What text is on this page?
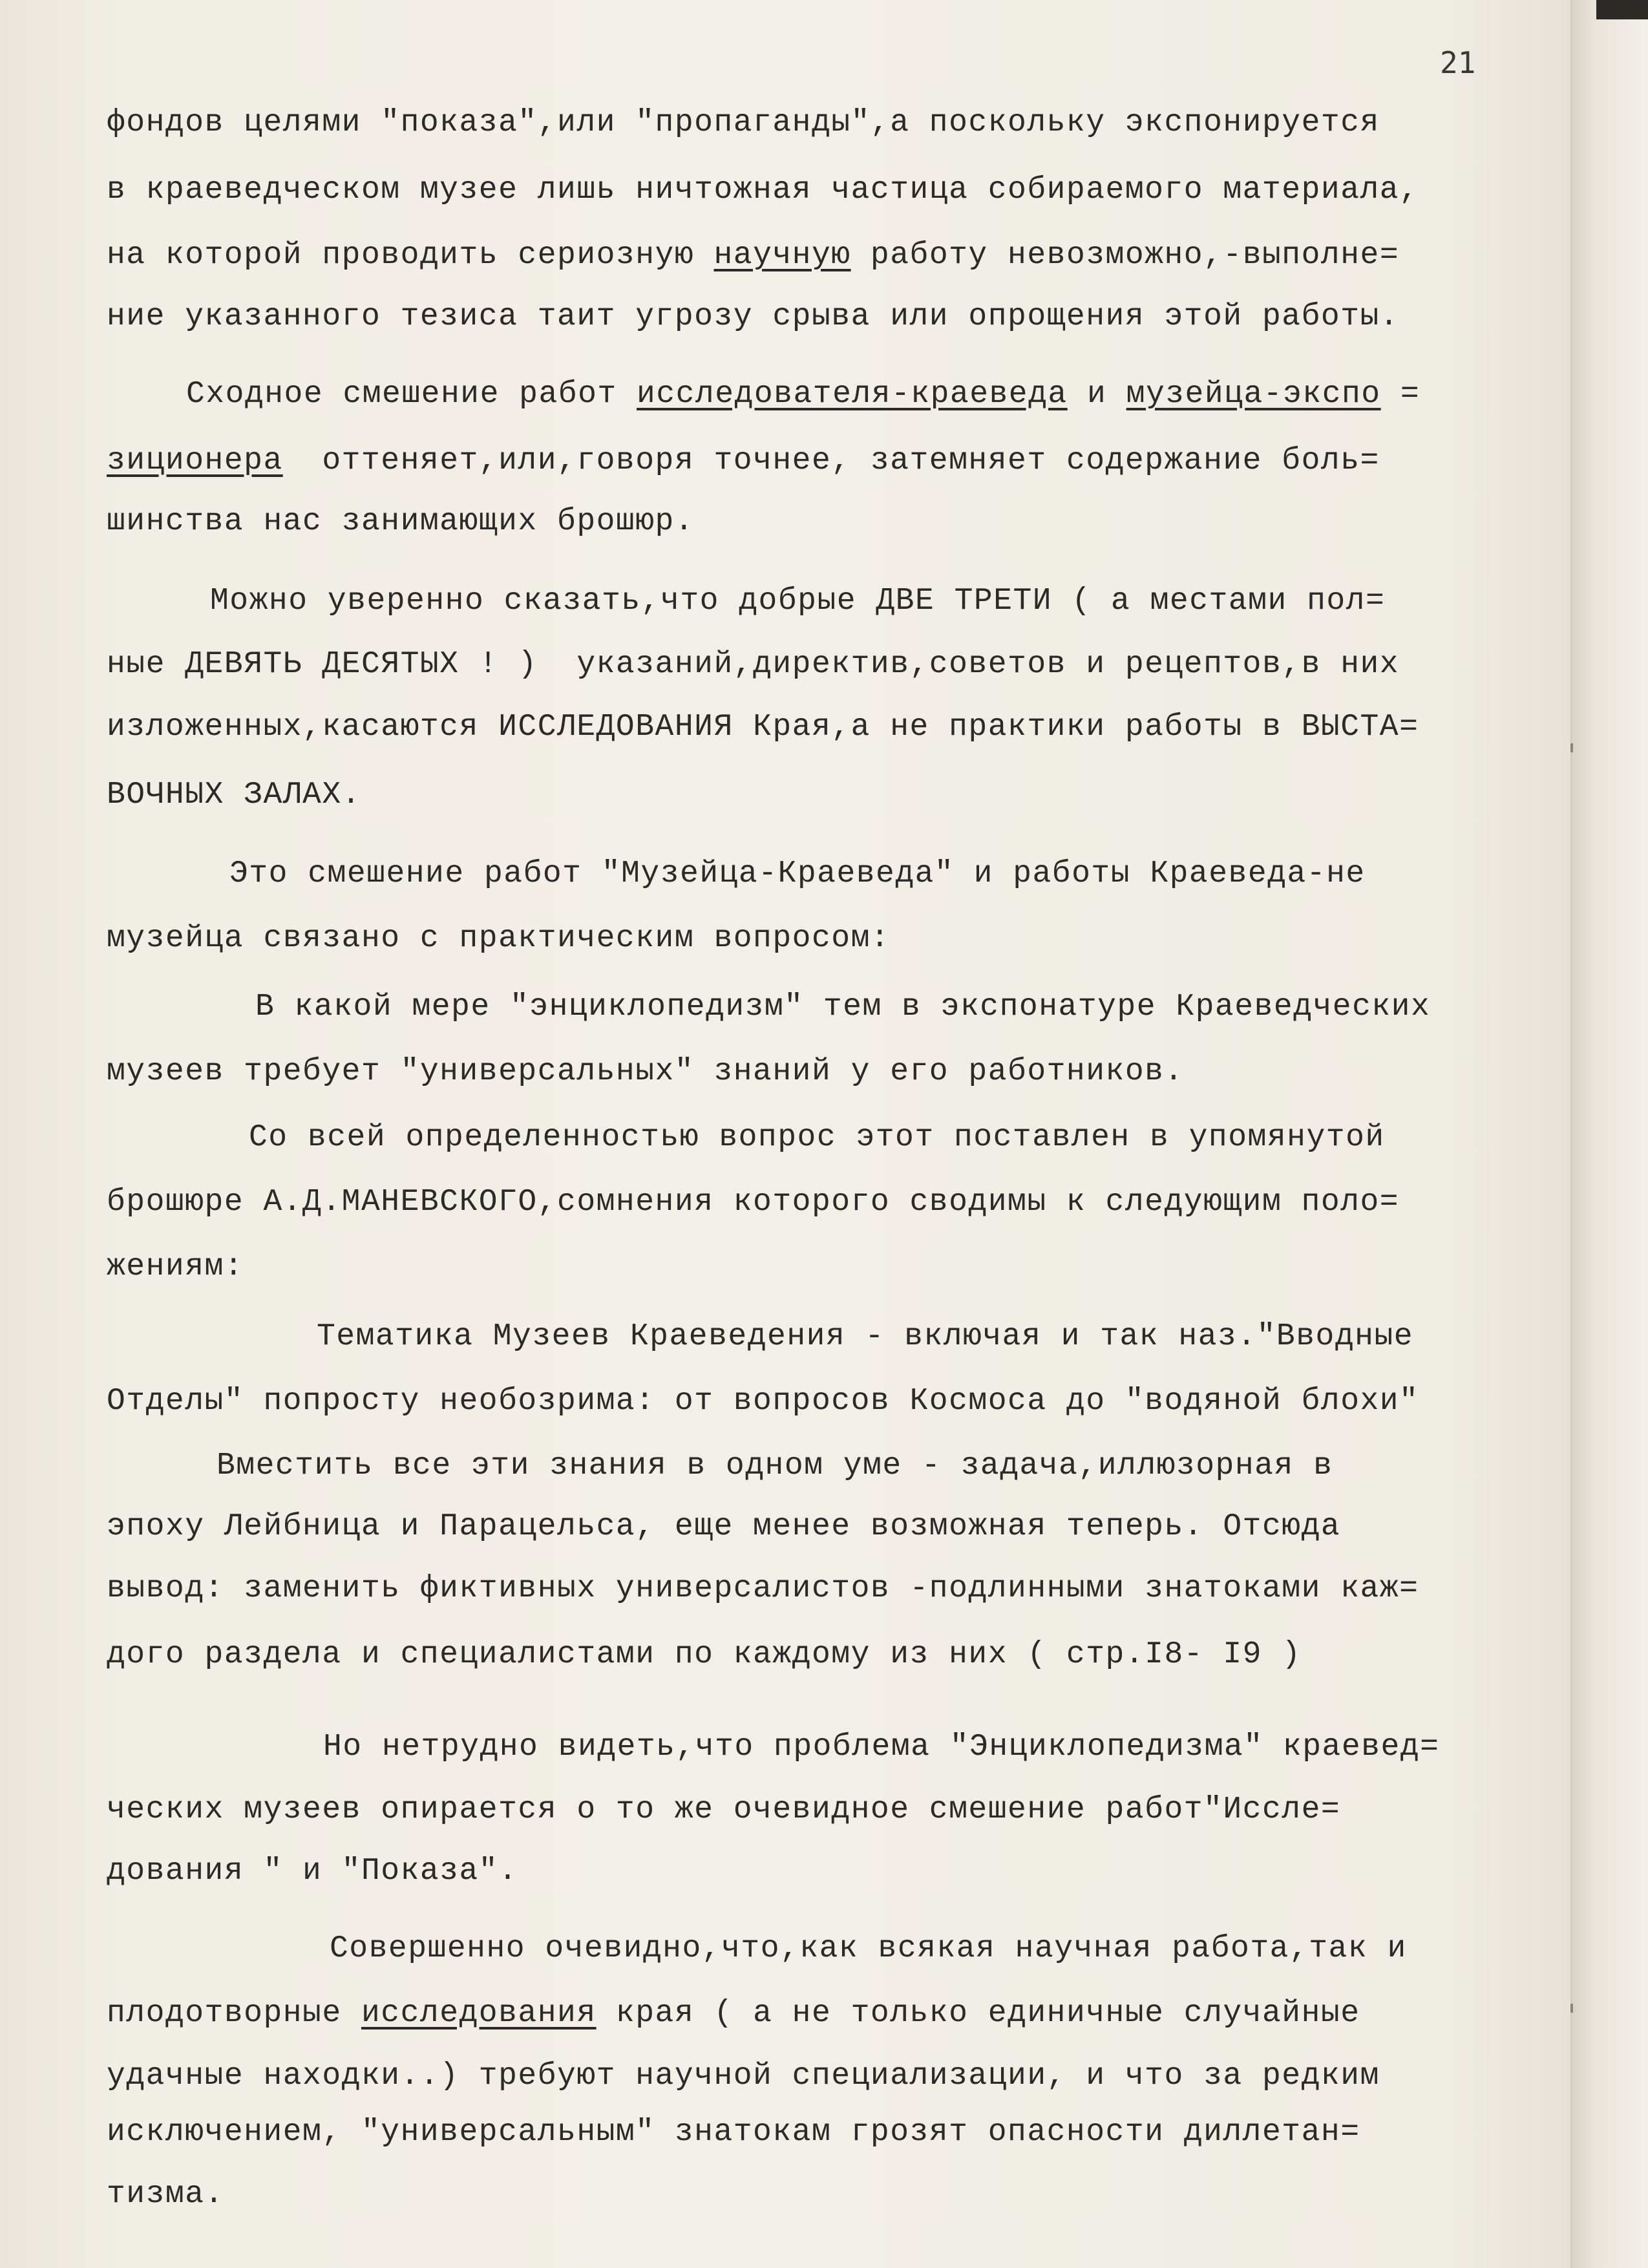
21
фондов целями "показа",или "пропаганды",а поскольку экспонируется
в краеведческом музее лишь ничтожная частица собираемого материала,
на которой проводить сериозную научную работу невозможно,-выполне=
ние указанного тезиса таит угрозу срыва или опрощения этой работы.
Сходное смешение работ исследователя-краеведа и музейца-экспо =
зиционера  оттеняет,или,говоря точнее, затемняет содержание боль=
шинства нас занимающих брошюр.
Можно уверенно сказать,что добрые ДВЕ ТРЕТИ ( а местами пол=
ные ДЕВЯТЬ ДЕСЯТЫХ ! )  указаний,директив,советов и рецептов,в них
изложенных,касаются ИССЛЕДОВАНИЯ Края,а не практики работы в ВЫСТА=
ВОЧНЫХ ЗАЛАХ.
Это смешение работ "Музейца-Краеведа" и работы Краеведа-не
музейца связано с практическим вопросом:
В какой мере "энциклопедизм" тем в экспонатуре Краеведческих
музеев требует "универсальных" знаний у его работников.
Со всей определенностью вопрос этот поставлен в упомянутой
брошюре А.Д.МАНЕВСКОГО,сомнения которого сводимы к следующим поло=
жениям:
Тематика Музеев Краеведения - включая и так наз."Вводные
Отделы" попросту необозрима: от вопросов Космоса до "водяной блохи"
Вместить все эти знания в одном уме - задача,иллюзорная в
эпоху Лейбница и Парацельса, еще менее возможная теперь. Отсюда
вывод: заменить фиктивных универсалистов -подлинными знатоками каж=
дого раздела и специалистами по каждому из них ( стр.I8- I9 )
Но нетрудно видеть,что проблема "Энциклопедизма" краевед=
ческих музеев опирается о то же очевидное смешение работ"Иссле=
дования " и "Показа".
Совершенно очевидно,что,как всякая научная работа,так и
плодотворные исследования края ( а не только единичные случайные
удачные находки..) требуют научной специализации, и что за редким
исключением, "универсальным" знатокам грозят опасности диллетан=
тизма.
